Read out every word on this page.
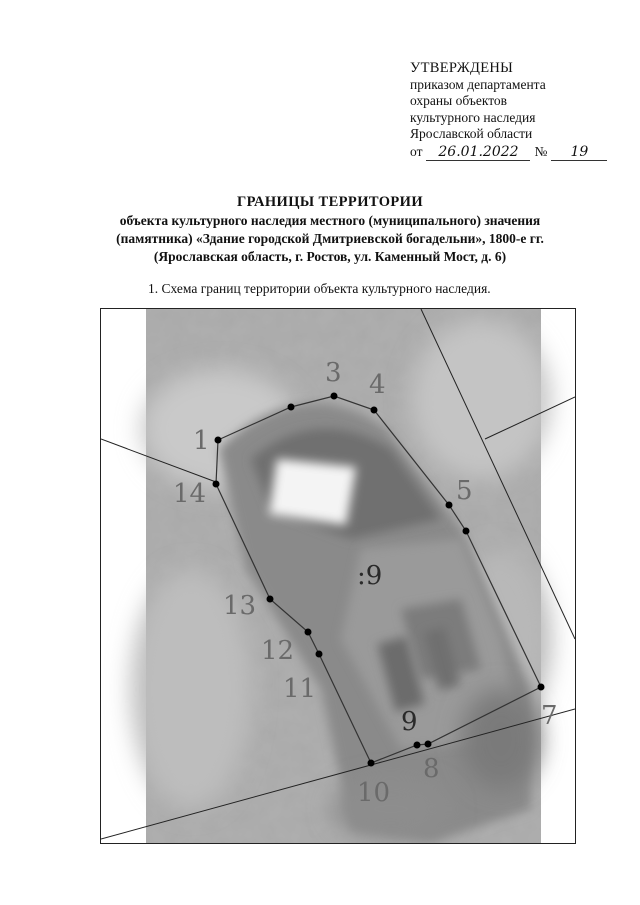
УТВЕРЖДЕНЫ
приказом департамента
охраны объектов
культурного наследия
Ярославской области
от	26.01.2022	№	19
ГРАНИЦЫ ТЕРРИТОРИИ
объекта культурного наследия местного (муниципального) значения
(памятника) «Здание городской Дмитриевской богадельни», 1800-е гг.
(Ярославская область, г. Ростов, ул. Каменный Мост, д. 6)
1. Схема границ территории объекта культурного наследия.
1
3 4
5
7
8
9
10
11
12
13
14
:9
